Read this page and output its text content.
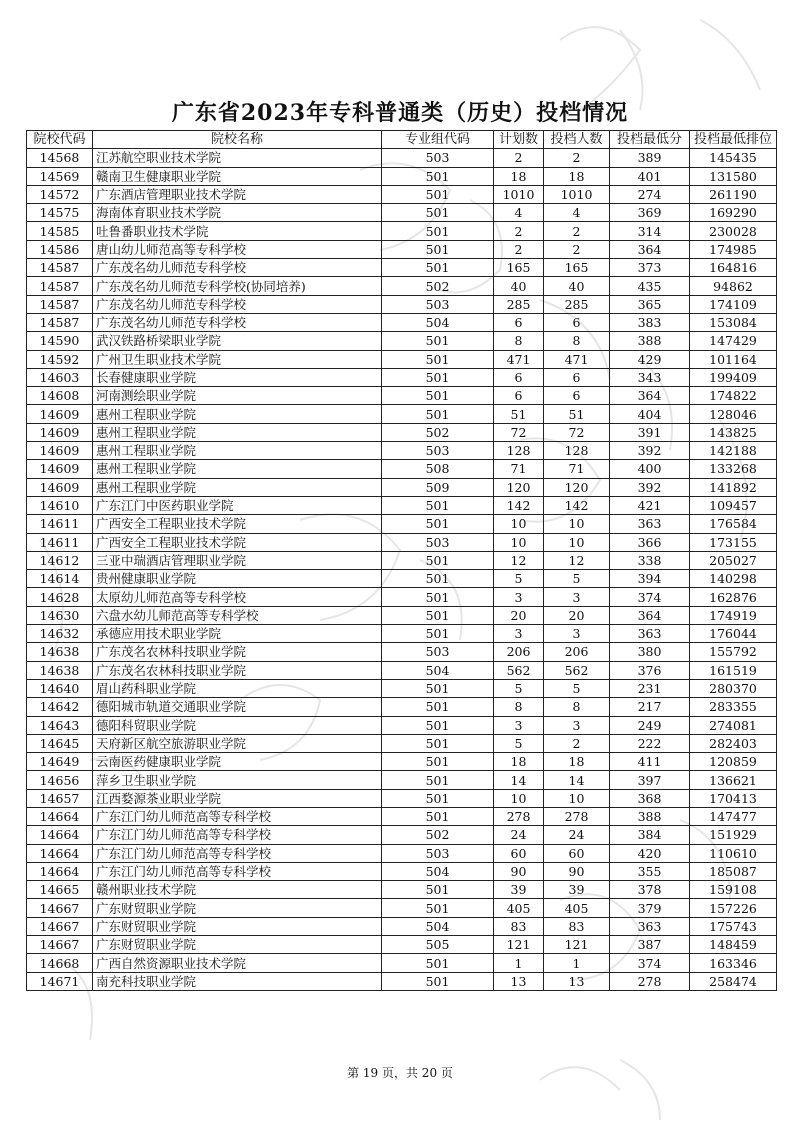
广东省2023年专科普通类（历史）投档情况
院校代码	院校名称	专业组代码	计划数	投档人数	投档最低分	投档最低排位
14568	江苏航空职业技术学院	503	2	2	389	145435
14569	赣南卫生健康职业学院	501	18	18	401	131580
14572	广东酒店管理职业技术学院	501	1010	1010	274	261190
14575	海南体育职业技术学院	501	4	4	369	169290
14585	吐鲁番职业技术学院	501	2	2	314	230028
14586	唐山幼儿师范高等专科学校	501	2	2	364	174985
14587	广东茂名幼儿师范专科学校	501	165	165	373	164816
14587	广东茂名幼儿师范专科学校(协同培养)	502	40	40	435	94862
14587	广东茂名幼儿师范专科学校	503	285	285	365	174109
14587	广东茂名幼儿师范专科学校	504	6	6	383	153084
14590	武汉铁路桥梁职业学院	501	8	8	388	147429
14592	广州卫生职业技术学院	501	471	471	429	101164
14603	长春健康职业学院	501	6	6	343	199409
14608	河南测绘职业学院	501	6	6	364	174822
14609	惠州工程职业学院	501	51	51	404	128046
14609	惠州工程职业学院	502	72	72	391	143825
14609	惠州工程职业学院	503	128	128	392	142188
14609	惠州工程职业学院	508	71	71	400	133268
14609	惠州工程职业学院	509	120	120	392	141892
14610	广东江门中医药职业学院	501	142	142	421	109457
14611	广西安全工程职业技术学院	501	10	10	363	176584
14611	广西安全工程职业技术学院	503	10	10	366	173155
14612	三亚中瑞酒店管理职业学院	501	12	12	338	205027
14614	贵州健康职业学院	501	5	5	394	140298
14628	太原幼儿师范高等专科学校	501	3	3	374	162876
14630	六盘水幼儿师范高等专科学校	501	20	20	364	174919
14632	承德应用技术职业学院	501	3	3	363	176044
14638	广东茂名农林科技职业学院	503	206	206	380	155792
14638	广东茂名农林科技职业学院	504	562	562	376	161519
14640	眉山药科职业学院	501	5	5	231	280370
14642	德阳城市轨道交通职业学院	501	8	8	217	283355
14643	德阳科贸职业学院	501	3	3	249	274081
14645	天府新区航空旅游职业学院	501	5	2	222	282403
14649	云南医药健康职业学院	501	18	18	411	120859
14656	萍乡卫生职业学院	501	14	14	397	136621
14657	江西婺源茶业职业学院	501	10	10	368	170413
14664	广东江门幼儿师范高等专科学校	501	278	278	388	147477
14664	广东江门幼儿师范高等专科学校	502	24	24	384	151929
14664	广东江门幼儿师范高等专科学校	503	60	60	420	110610
14664	广东江门幼儿师范高等专科学校	504	90	90	355	185087
14665	赣州职业技术学院	501	39	39	378	159108
14667	广东财贸职业学院	501	405	405	379	157226
14667	广东财贸职业学院	504	83	83	363	175743
14667	广东财贸职业学院	505	121	121	387	148459
14668	广西自然资源职业技术学院	501	1	1	374	163346
14671	南充科技职业学院	501	13	13	278	258474
第 19 页，共 20 页
